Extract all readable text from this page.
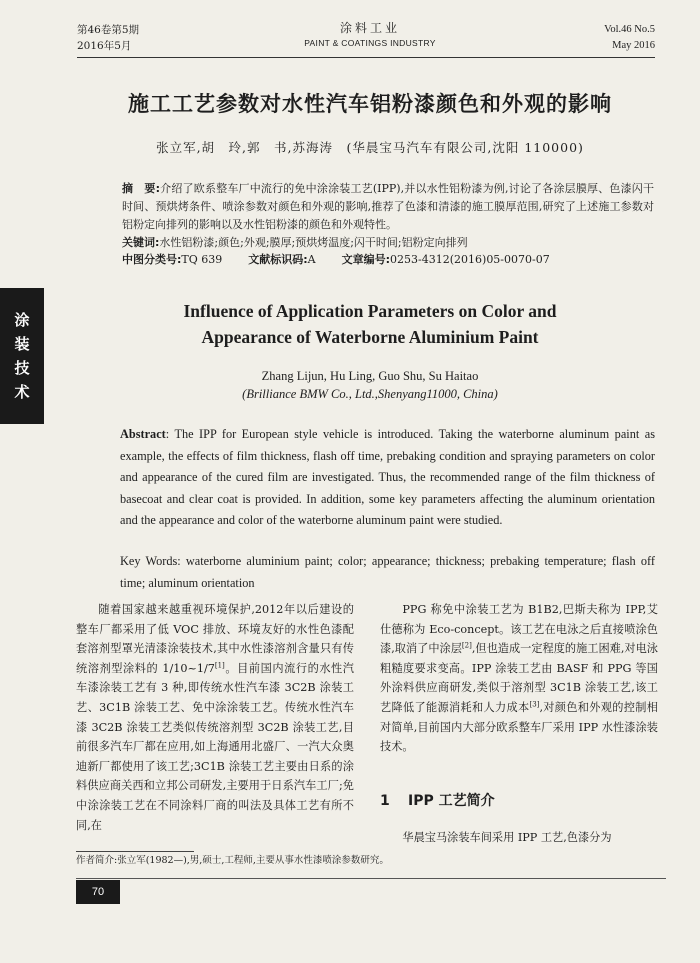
第46卷第5期
2016年5月
涂料工业
PAINT & COATINGS INDUSTRY
Vol.46 No.5
May 2016
涂
装
技
术
施工工艺参数对水性汽车铝粉漆颜色和外观的影响
张立军,胡　玲,郭　书,苏海涛　(华晨宝马汽车有限公司,沈阳 110000)
摘　要:介绍了欧系整车厂中流行的免中涂涂装工艺(IPP),并以水性铝粉漆为例,讨论了各涂层膜厚、色漆闪干时间、预烘烤条件、喷涂参数对颜色和外观的影响,推荐了色漆和清漆的施工膜厚范围,研究了上述施工参数对铝粉定向排列的影响以及水性铝粉漆的颜色和外观特性。
关键词:水性铝粉漆;颜色;外观;膜厚;预烘烤温度;闪干时间;铝粉定向排列
中图分类号:TQ 639 文献标识码:A 文章编号:0253-4312(2016)05-0070-07
Influence of Application Parameters on Color and
Appearance of Waterborne Aluminium Paint
Zhang Lijun, Hu Ling, Guo Shu, Su Haitao
(Brilliance BMW Co., Ltd.,Shenyang11000, China)
Abstract: The IPP for European style vehicle is introduced. Taking the waterborne aluminum paint as example, the effects of film thickness, flash off time, prebaking condition and spraying parameters on color and appearance of the cured film are investigated. Thus, the recommended range of the film thickness of basecoat and clear coat is provided. In addition, some key parameters affecting the aluminum orientation and the appearance and color of the waterborne aluminum paint were studied.
Key Words: waterborne aluminium paint; color; appearance; thickness; prebaking temperature; flash off time; aluminum orientation

随着国家越来越重视环境保护,2012年以后建设的整车厂都采用了低 VOC 排放、环境友好的水性色漆配套溶剂型罩光清漆涂装技术,其中水性漆溶剂含量只有传统溶剂型涂料的 1/10~1/7[1]。目前国内流行的水性汽车漆涂装工艺有 3 种,即传统水性汽车漆 3C2B 涂装工艺、3C1B 涂装工艺、免中涂涂装工艺。传统水性汽车漆 3C2B 涂装工艺类似传统溶剂型 3C2B 涂装工艺,目前很多汽车厂都在应用,如上海通用北盛厂、一汽大众奥迪新厂都使用了该工艺;3C1B 涂装工艺主要由日系的涂料供应商关西和立邦公司研发,主要用于日系汽车工厂;免中涂涂装工艺在不同涂料厂商的叫法及具体工艺有所不同,在

PPG 称免中涂装工艺为 B1B2,巴斯夫称为 IPP,艾仕德称为 Eco-concept。该工艺在电泳之后直接喷涂色漆,取消了中涂层[2],但也造成一定程度的施工困难,对电泳粗糙度要求变高。IPP 涂装工艺由 BASF 和 PPG 等国外涂料供应商研发,类似于溶剂型 3C1B 涂装工艺,该工艺降低了能源消耗和人力成本[3],对颜色和外观的控制相对简单,目前国内大部分欧系整车厂采用 IPP 水性漆涂装技术。

1 IPP 工艺简介
华晨宝马涂装车间采用 IPP 工艺,色漆分为
作者简介:张立军(1982—),男,硕士,工程师,主要从事水性漆喷涂参数研究。
70
